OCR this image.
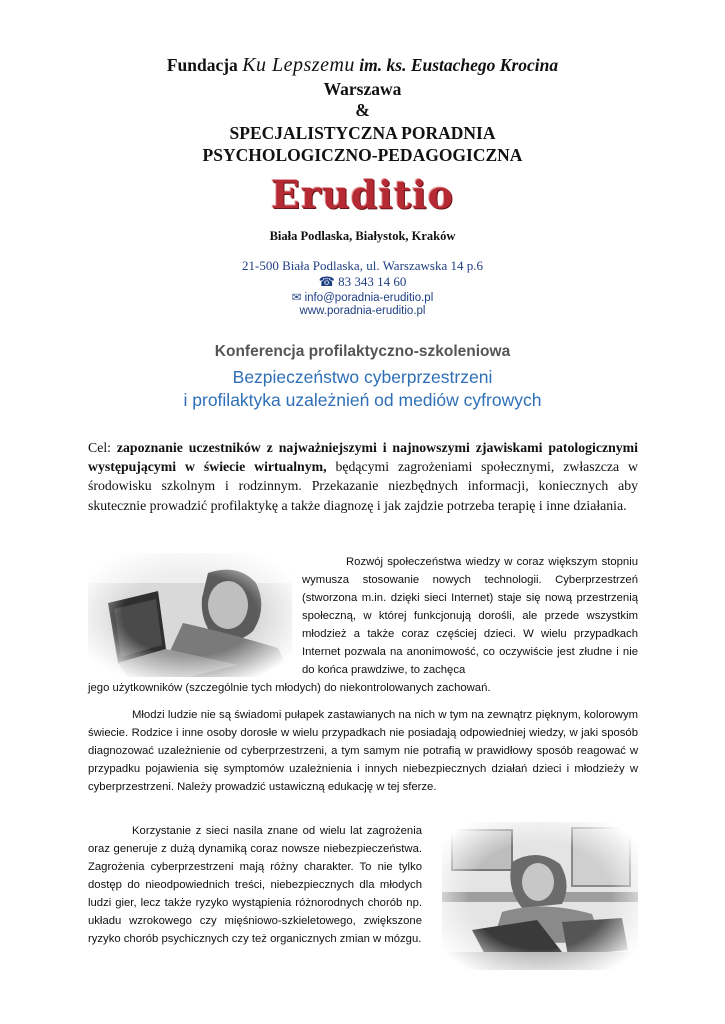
Fundacja Ku Lepszemu im. ks. Eustachego Krocina
Warszawa
&
SPECJALISTYCZNA PORADNIA
PSYCHOLOGICZNO-PEDAGOGICZNA
Eruditio
Biała Podlaska, Białystok, Kraków
21-500 Biała Podlaska, ul. Warszawska 14 p.6
☎ 83 343 14 60
✉ info@poradnia-eruditio.pl
www.poradnia-eruditio.pl
Konferencja profilaktyczno-szkoleniowa
Bezpieczeństwo cyberprzestrzeni
i profilaktyka uzależnień od mediów cyfrowych
Cel: zapoznanie uczestników z najważniejszymi i najnowszymi zjawiskami patologicznymi występującymi w świecie wirtualnym, będącymi zagrożeniami społecznymi, zwłaszcza w środowisku szkolnym i rodzinnym. Przekazanie niezbędnych informacji, koniecznych aby skutecznie prowadzić profilaktykę a także diagnozę i jak zajdzie potrzeba terapię i inne działania.
Rozwój społeczeństwa wiedzy w coraz większym stopniu wymusza stosowanie nowych technologii. Cyberprzestrzeń (stworzona m.in. dzięki sieci Internet) staje się nową przestrzenią społeczną, w której funkcjonują dorośli, ale przede wszystkim młodzież a także coraz częściej dzieci. W wielu przypadkach Internet pozwala na anonimowość, co oczywiście jest złudne i nie do końca prawdziwe, to zachęca
jego użytkowników (szczególnie tych młodych) do niekontrolowanych zachowań.
Młodzi ludzie nie są świadomi pułapek zastawianych na nich w tym na zewnątrz pięknym, kolorowym świecie. Rodzice i inne osoby dorosłe w wielu przypadkach nie posiadają odpowiedniej wiedzy, w jaki sposób diagnozować uzależnienie od cyberprzestrzeni, a tym samym nie potrafią w prawidłowy sposób reagować w przypadku pojawienia się symptomów uzależnienia i innych niebezpiecznych działań dzieci i młodzieży w cyberprzestrzeni. Należy prowadzić ustawiczną edukację w tej sferze.
Korzystanie z sieci nasila znane od wielu lat zagrożenia oraz generuje z dużą dynamiką coraz nowsze niebezpieczeństwa. Zagrożenia cyberprzestrzeni mają różny charakter. To nie tylko dostęp do nieodpowiednich treści, niebezpiecznych dla młodych ludzi gier, lecz także ryzyko wystąpienia różnorodnych chorób np. układu wzrokowego czy mięśniowo-szkieletowego, zwiększone ryzyko chorób psychicznych czy też organicznych zmian w mózgu.
